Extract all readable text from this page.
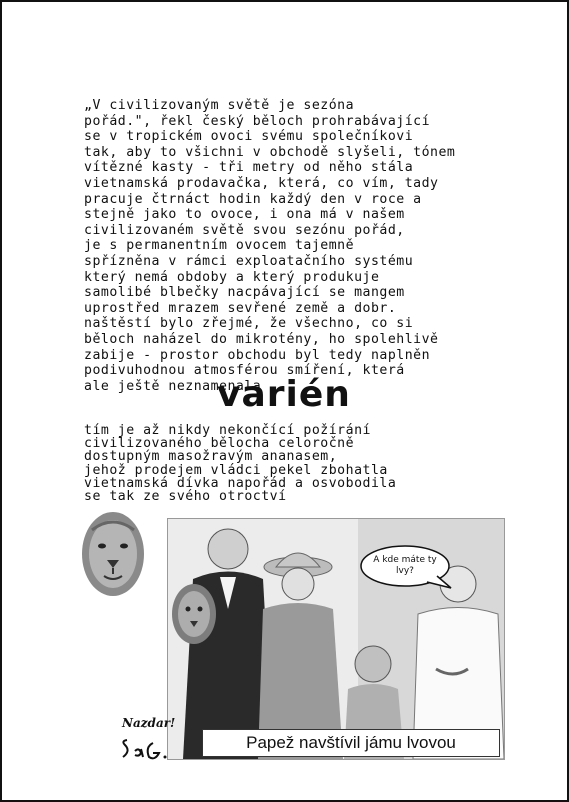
„V civilizovaným světě je sezóna
pořád.", řekl český běloch prohrabávající
se v tropickém ovoci svému společníkovi
tak, aby to všichni v obchodě slyšeli, tónem
vítězné kasty - tři metry od něho stála
vietnamská prodavačka, která, co vím, tady
pracuje čtrnáct hodin každý den v roce a
stejně jako to ovoce, i ona má v našem
civilizovaném světě svou sezónu pořád,
je s permanentním ovocem tajemně
spřízněna v rámci exploatačního systému
který nemá obdoby a který produkuje
samolibé blbečky nacpávající se mangem
uprostřed mrazem sevřené země a dobr.
naštěstí bylo zřejmé, že všechno, co si
běloch naházel do mikrotény, ho spolehlivě
zabije - prostor obchodu byl tedy naplněn
podivuhodnou atmosférou smíření, která
ale ještě neznamenala
varién
tím je až nikdy nekončící požírání
civilizovaného bělocha celoročně
dostupným masožravým ananasem,
jehož prodejem vládci pekel zbohatla
vietnamská dívka napořád a osvobodila
se tak ze svého otroctví
A kde máte ty lvy?
Papež navštívil jámu lvovou
Nazdar!
